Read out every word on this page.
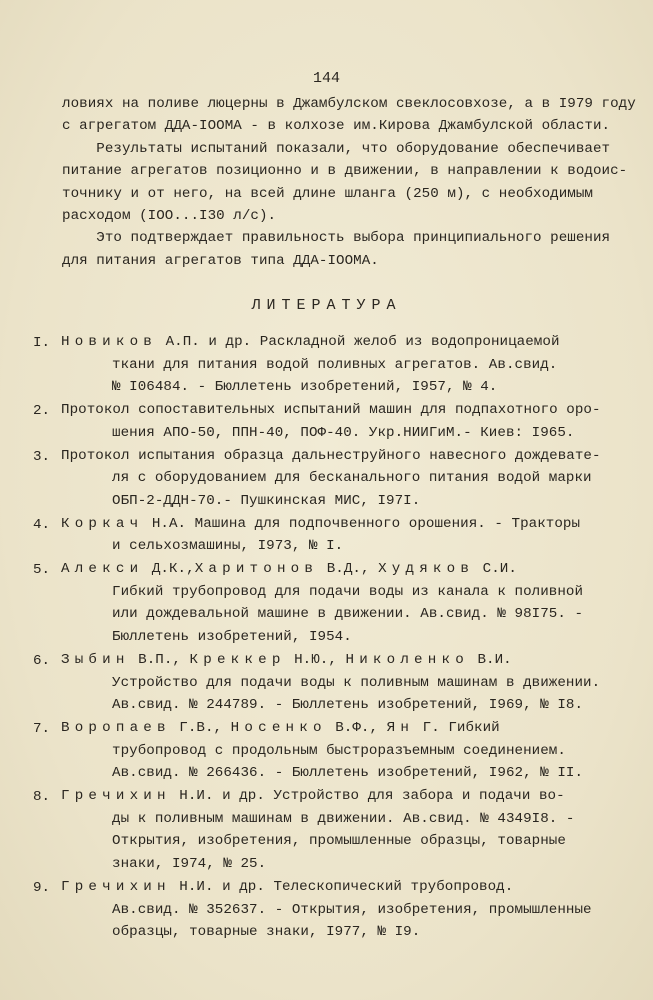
144
ловиях на поливе люцерны в Джамбулском свеклосовхозе, а в I979 году
с агрегатом ДДА-IOOMA - в колхозе им.Кирова Джамбулской области.
Результаты испытаний показали, что оборудование обеспечивает
питание агрегатов позиционно и в движении, в направлении к водоис-
точнику и от него, на всей длине шланга (250 м), с необходимым
расходом (IOO...I30 л/с).
Это подтверждает правильность выбора принципиального решения
для питания агрегатов типа ДДА-IOOMA.
ЛИТЕРАТУРА
I. Новиков А.П. и др. Раскладной желоб из водопроницаемой
ткани для питания водой поливных агрегатов. Ав.свид.
№ I06484. - Бюллетень изобретений, I957, № 4.
2. Протокол сопоставительных испытаний машин для подпахотного оро-
шения АПО-50, ППН-40, ПОФ-40. Укр.НИИГиМ.- Киев: I965.
3. Протокол испытания образца дальнеструйного навесного дождевате-
ля с оборудованием для бесканального питания водой марки
ОБП-2-ДДН-70.- Пушкинская МИС, I97I.
4. Коркач Н.А. Машина для подпочвенного орошения. - Тракторы
и сельхозмашины, I973, № I.
5. Алекси Д.К.,Харитонов В.Д., Худяков С.И.
Гибкий трубопровод для подачи воды из канала к поливной
или дождевальной машине в движении. Ав.свид. № 98I75. -
Бюллетень изобретений, I954.
6. Зыбин В.П., Креккер Н.Ю., Николенко В.И.
Устройство для подачи воды к поливным машинам в движении.
Ав.свид. № 244789. - Бюллетень изобретений, I969, № I8.
7. Воропаев Г.В., Носенко В.Ф., Ян Г. Гибкий
трубопровод с продольным быстроразъемным соединением.
Ав.свид. № 266436. - Бюллетень изобретений, I962, № II.
8. Гречихин Н.И. и др. Устройство для забора и подачи во-
ды к поливным машинам в движении. Ав.свид. № 4349I8. -
Открытия, изобретения, промышленные образцы, товарные
знаки, I974, № 25.
9. Гречихин Н.И. и др. Телескопический трубопровод.
Ав.свид. № 352637. - Открытия, изобретения, промышленные
образцы, товарные знаки, I977, № I9.
